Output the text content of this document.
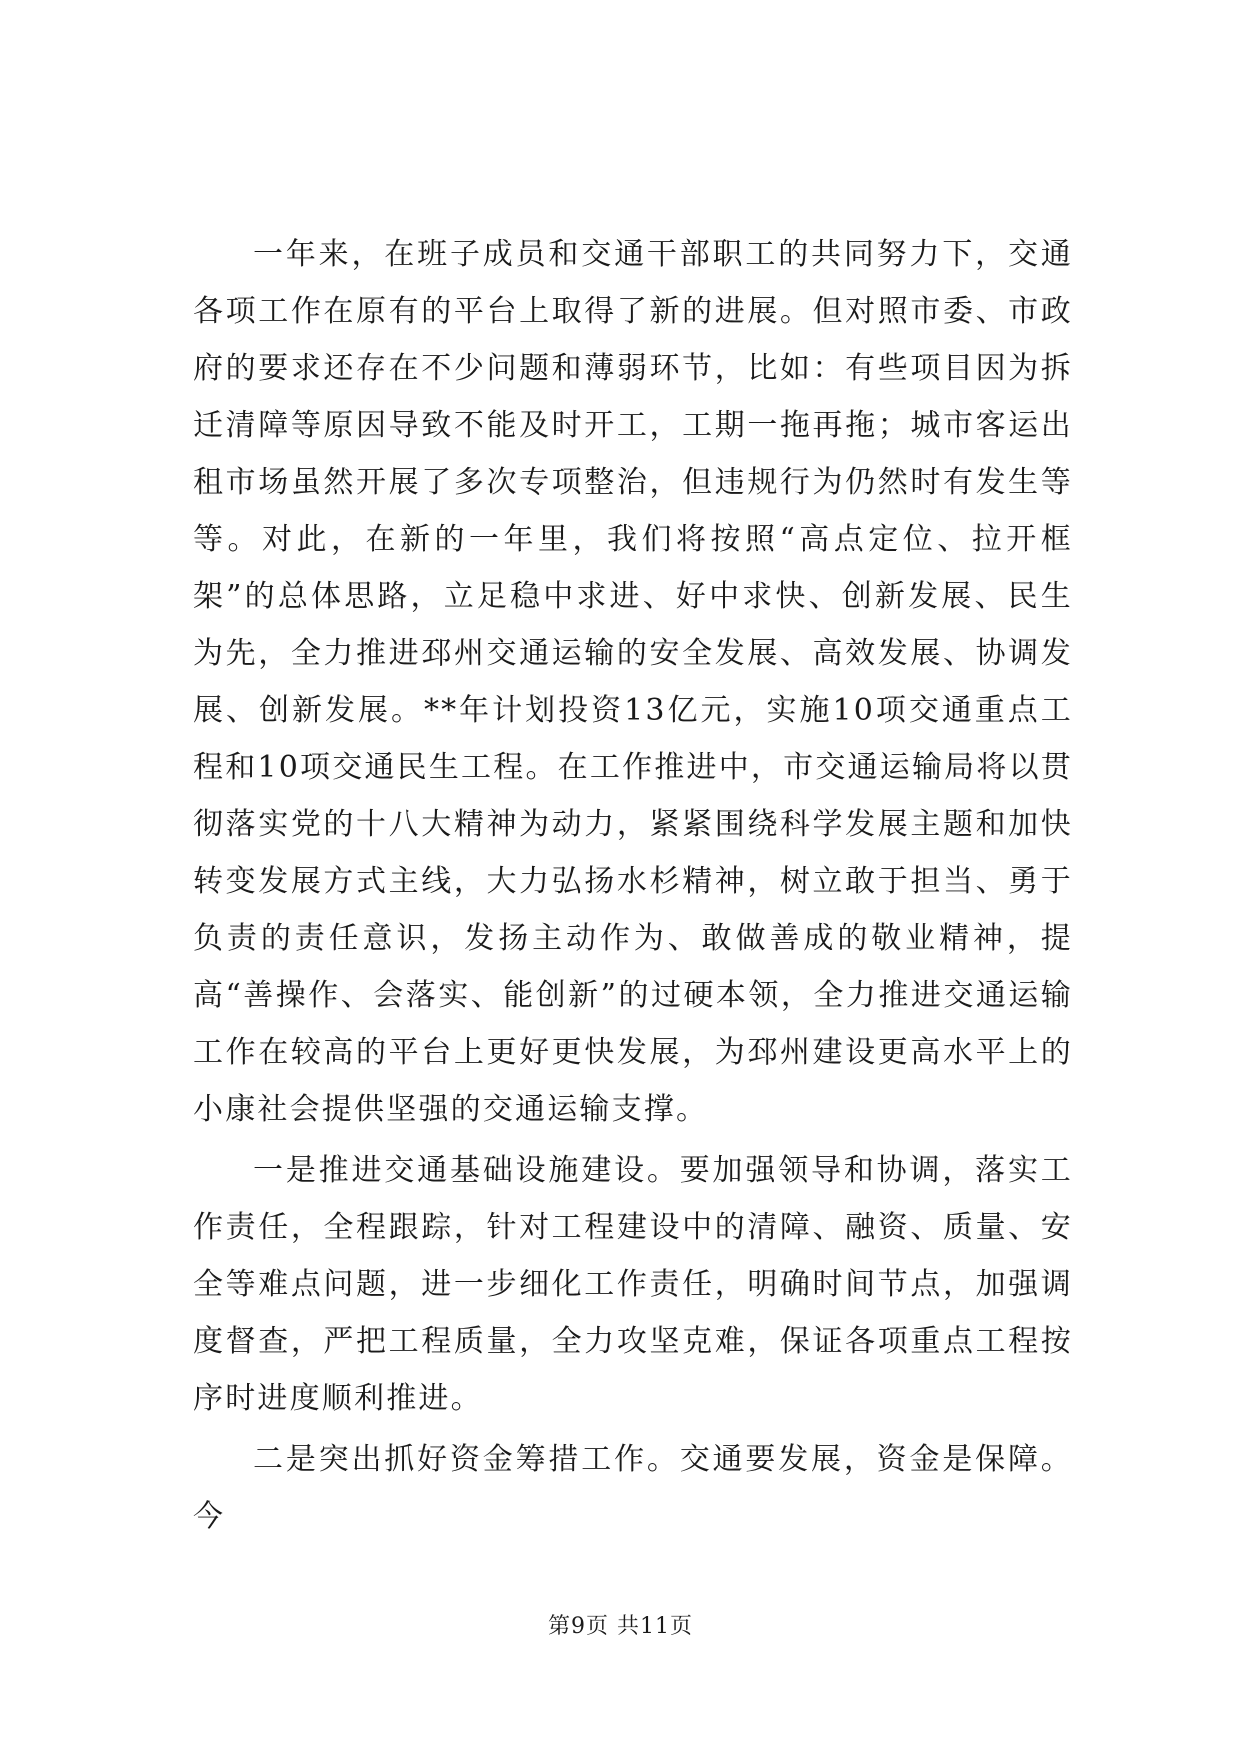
一年来，在班子成员和交通干部职工的共同努力下，交通各项工作在原有的平台上取得了新的进展。但对照市委、市政府的要求还存在不少问题和薄弱环节，比如：有些项目因为拆迁清障等原因导致不能及时开工，工期一拖再拖；城市客运出租市场虽然开展了多次专项整治，但违规行为仍然时有发生等等。对此，在新的一年里，我们将按照“高点定位、拉开框架”的总体思路，立足稳中求进、好中求快、创新发展、民生为先，全力推进邳州交通运输的安全发展、高效发展、协调发展、创新发展。**年计划投资13亿元，实施10项交通重点工程和10项交通民生工程。在工作推进中，市交通运输局将以贯彻落实党的十八大精神为动力，紧紧围绕科学发展主题和加快转变发展方式主线，大力弘扬水杉精神，树立敢于担当、勇于负责的责任意识，发扬主动作为、敢做善成的敬业精神，提高“善操作、会落实、能创新”的过硬本领，全力推进交通运输工作在较高的平台上更好更快发展，为邳州建设更高水平上的小康社会提供坚强的交通运输支撑。

一是推进交通基础设施建设。要加强领导和协调，落实工作责任，全程跟踪，针对工程建设中的清障、融资、质量、安全等难点问题，进一步细化工作责任，明确时间节点，加强调度督查，严把工程质量，全力攻坚克难，保证各项重点工程按序时进度顺利推进。

二是突出抓好资金筹措工作。交通要发展，资金是保障。今

第9页 共11页
